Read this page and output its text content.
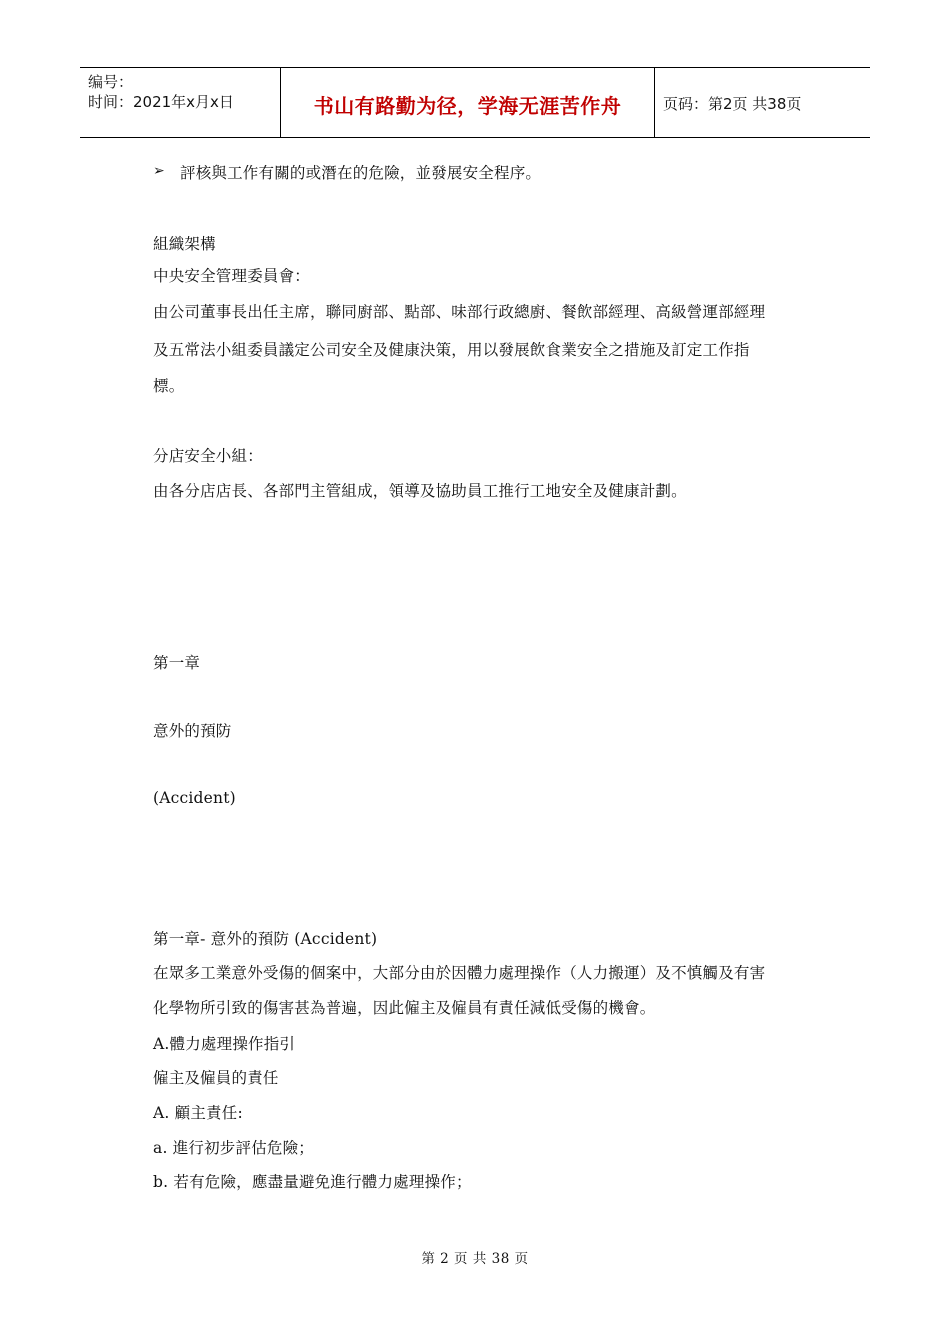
编号：
时间：2021年x月x日	书山有路勤为径，学海无涯苦作舟	页码：第2页 共38页
➢ 評核與工作有關的或潛在的危險，並發展安全程序。
組織架構
中央安全管理委員會：
由公司董事長出任主席，聯同廚部、點部、味部行政總廚、餐飲部經理、高級營運部經理
及五常法小組委員議定公司安全及健康決策，用以發展飲食業安全之措施及訂定工作指
標。
分店安全小組：
由各分店店長、各部門主管組成，領導及協助員工推行工地安全及健康計劃。
第一章
意外的預防
(Accident)
第一章- 意外的預防 (Accident)
在眾多工業意外受傷的個案中，大部分由於因體力處理操作（人力搬運）及不慎觸及有害
化學物所引致的傷害甚為普遍，因此僱主及僱員有責任減低受傷的機會。
A.體力處理操作指引
僱主及僱員的責任
A. 顧主責任:
a. 進行初步評估危險；
b. 若有危險，應盡量避免進行體力處理操作；
第 2 页 共 38 页
